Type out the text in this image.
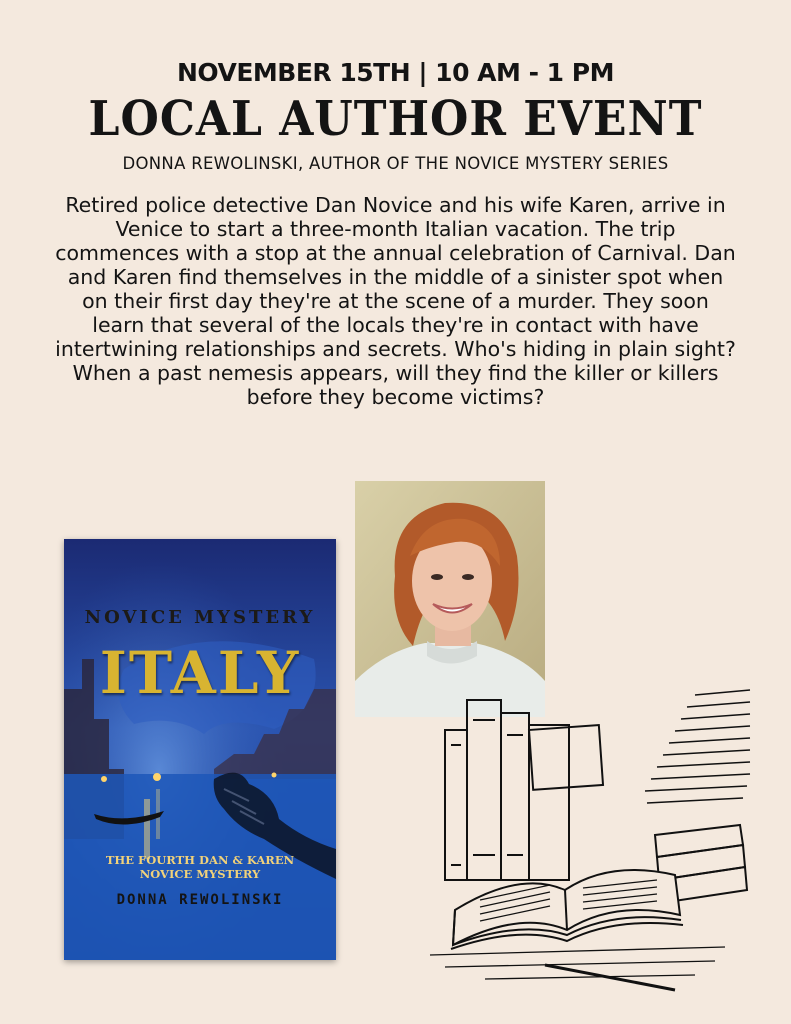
NOVEMBER 15TH | 10 AM - 1 PM
LOCAL AUTHOR EVENT
DONNA REWOLINSKI, AUTHOR OF THE NOVICE MYSTERY SERIES
Retired police detective Dan Novice and his wife Karen, arrive in Venice to start a three-month Italian vacation. The trip commences with a stop at the annual celebration of Carnival. Dan and Karen find themselves in the middle of a sinister spot when on their first day they're at the scene of a murder. They soon learn that several of the locals they're in contact with have intertwining relationships and secrets. Who's hiding in plain sight? When a past nemesis appears, will they find the killer or killers before they become victims?
NOVICE MYSTERY
ITALY
THE FOURTH DAN & KAREN
NOVICE MYSTERY
DONNA REWOLINSKI
